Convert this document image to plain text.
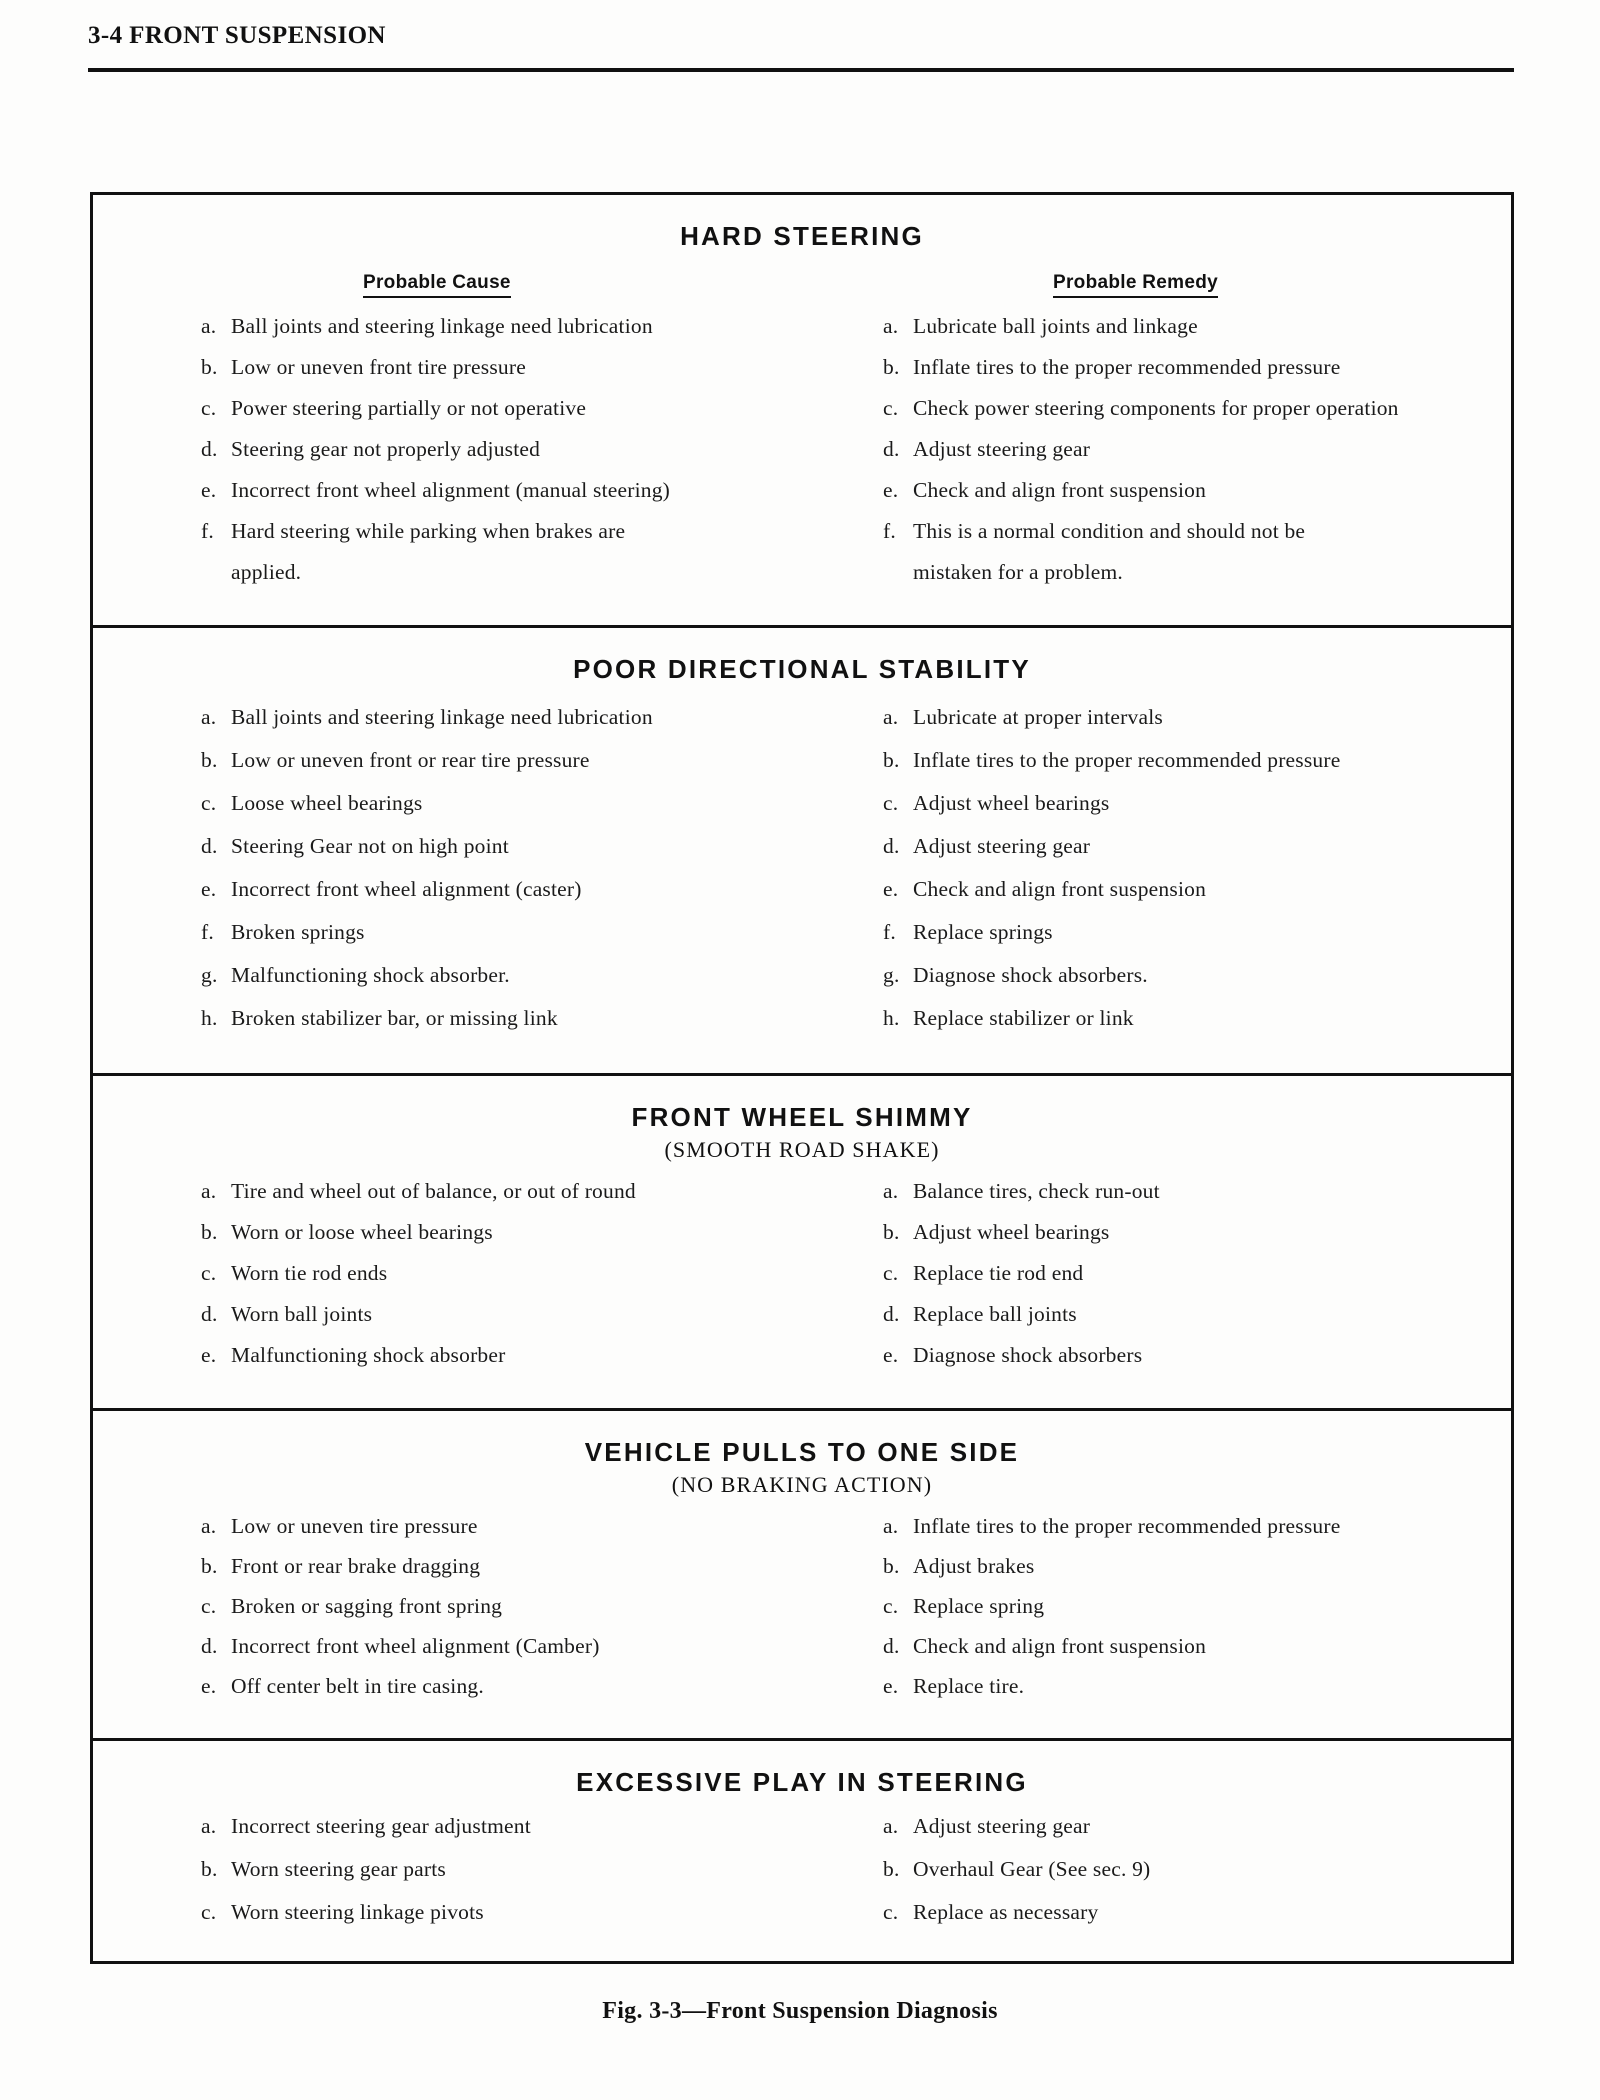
3-4 FRONT SUSPENSION
HARD STEERING
Probable Cause	Probable Remedy
a. Ball joints and steering linkage need lubrication	a. Lubricate ball joints and linkage
b. Low or uneven front tire pressure	b. Inflate tires to the proper recommended pressure
c. Power steering partially or not operative	c. Check power steering components for proper operation
d. Steering gear not properly adjusted	d. Adjust steering gear
e. Incorrect front wheel alignment (manual steering)	e. Check and align front suspension
f. Hard steering while parking when brakes are	f. This is a normal condition and should not be
applied.	mistaken for a problem.
POOR DIRECTIONAL STABILITY
a. Ball joints and steering linkage need lubrication	a. Lubricate at proper intervals
b. Low or uneven front or rear tire pressure	b. Inflate tires to the proper recommended pressure
c. Loose wheel bearings	c. Adjust wheel bearings
d. Steering Gear not on high point	d. Adjust steering gear
e. Incorrect front wheel alignment (caster)	e. Check and align front suspension
f. Broken springs	f. Replace springs
g. Malfunctioning shock absorber.	g. Diagnose shock absorbers.
h. Broken stabilizer bar, or missing link	h. Replace stabilizer or link
FRONT WHEEL SHIMMY
(SMOOTH ROAD SHAKE)
a. Tire and wheel out of balance, or out of round	a. Balance tires, check run-out
b. Worn or loose wheel bearings	b. Adjust wheel bearings
c. Worn tie rod ends	c. Replace tie rod end
d. Worn ball joints	d. Replace ball joints
e. Malfunctioning shock absorber	e. Diagnose shock absorbers
VEHICLE PULLS TO ONE SIDE
(NO BRAKING ACTION)
a. Low or uneven tire pressure	a. Inflate tires to the proper recommended pressure
b. Front or rear brake dragging	b. Adjust brakes
c. Broken or sagging front spring	c. Replace spring
d. Incorrect front wheel alignment (Camber)	d. Check and align front suspension
e. Off center belt in tire casing.	e. Replace tire.
EXCESSIVE PLAY IN STEERING
a. Incorrect steering gear adjustment	a. Adjust steering gear
b. Worn steering gear parts	b. Overhaul Gear (See sec. 9)
c. Worn steering linkage pivots	c. Replace as necessary
Fig. 3-3—Front Suspension Diagnosis
